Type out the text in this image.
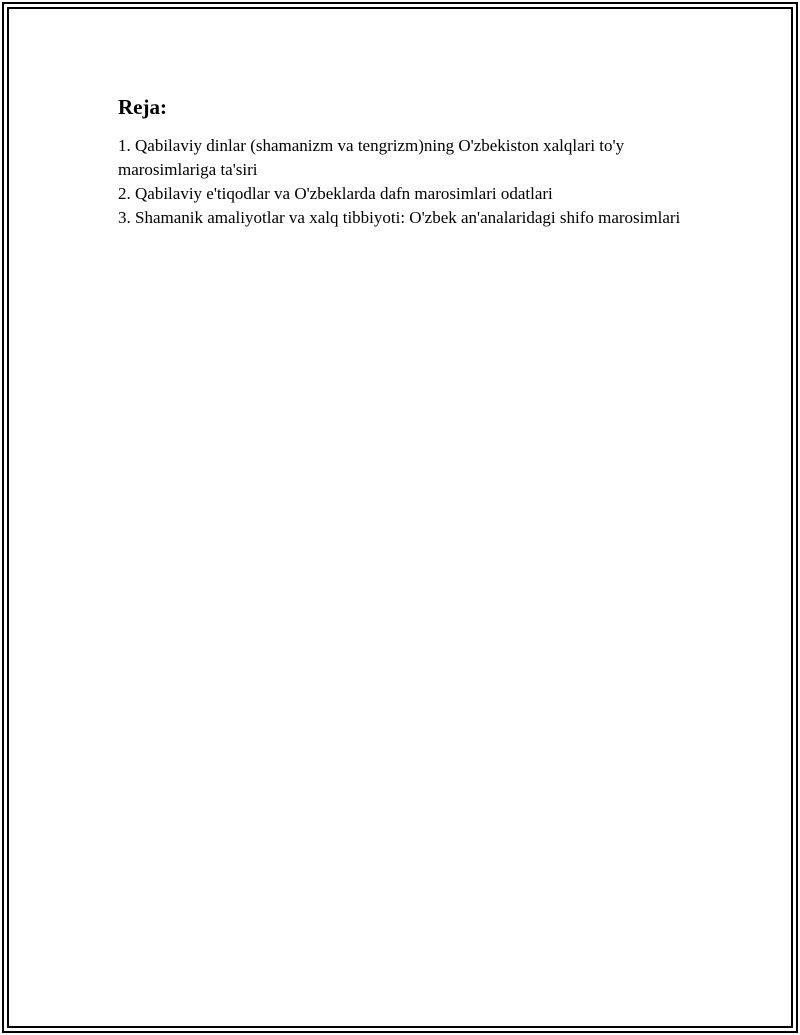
Reja:
1. Qabilaviy dinlar (shamanizm va tengrizm)ning O'zbekiston xalqlari to'y marosimlariga ta'siri
2. Qabilaviy e'tiqodlar va O'zbeklarda dafn marosimlari odatlari
3. Shamanik amaliyotlar va xalq tibbiyoti: O'zbek an'analaridagi shifo marosimlari
